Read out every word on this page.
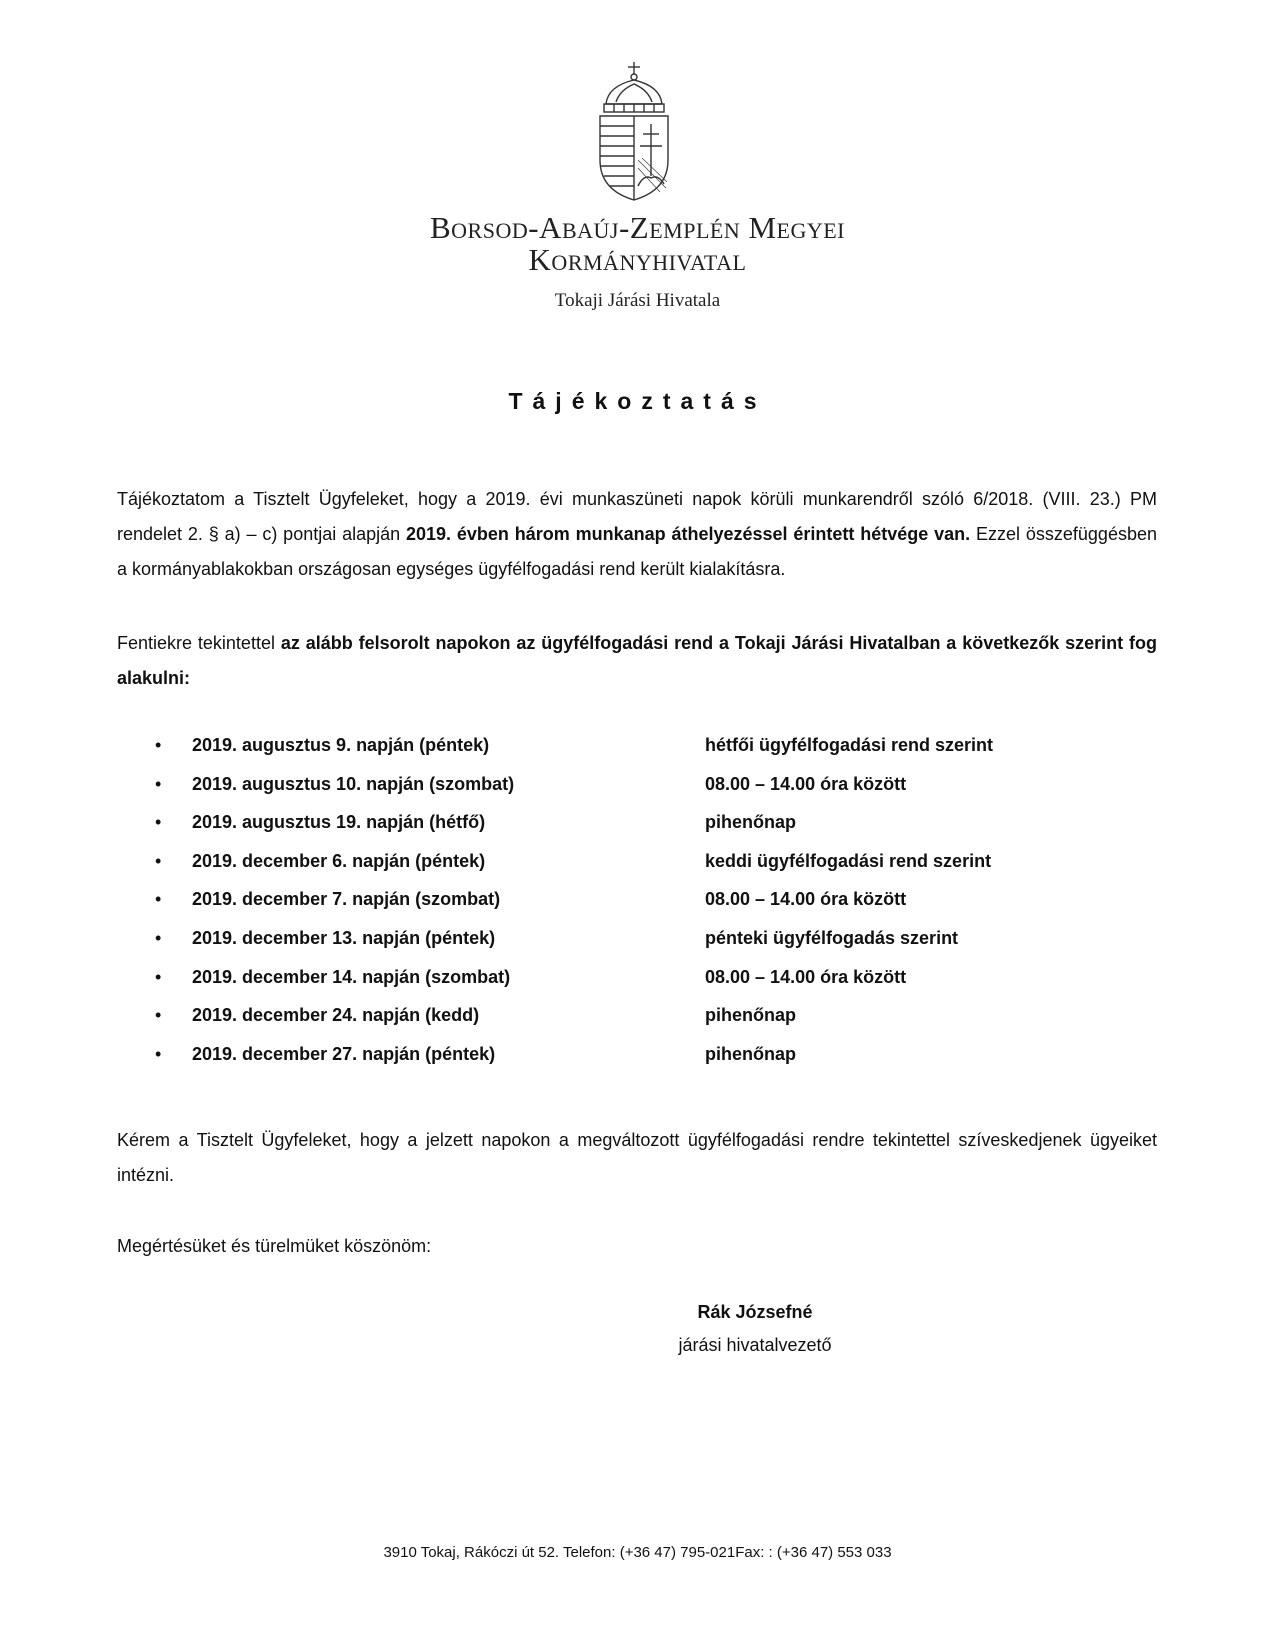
Borsod-Abaúj-Zemplén Megyei
Kormányhivatal
Tokaji Járási Hivatala
Tájékoztatás

Tájékoztatom a Tisztelt Ügyfeleket, hogy a 2019. évi munkaszüneti napok körüli munkarendről szóló 6/2018. (VIII. 23.) PM rendelet 2. § a) – c) pontjai alapján 2019. évben három munkanap áthelyezéssel érintett hétvége van. Ezzel összefüggésben a kormányablakokban országosan egységes ügyfélfogadási rend került kialakításra.

Fentiekre tekintettel az alább felsorolt napokon az ügyfélfogadási rend a Tokaji Járási Hivatalban a következők szerint fog alakulni:

• 2019. augusztus 9. napján (péntek)	hétfői ügyfélfogadási rend szerint
• 2019. augusztus 10. napján (szombat)	08.00 – 14.00 óra között
• 2019. augusztus 19. napján (hétfő)	pihenőnap
• 2019. december 6. napján (péntek)	keddi ügyfélfogadási rend szerint
• 2019. december 7. napján (szombat)	08.00 – 14.00 óra között
• 2019. december 13. napján (péntek)	pénteki ügyfélfogadás szerint
• 2019. december 14. napján (szombat)	08.00 – 14.00 óra között
• 2019. december 24. napján (kedd)	pihenőnap
• 2019. december 27. napján (péntek)	pihenőnap

Kérem a Tisztelt Ügyfeleket, hogy a jelzett napokon a megváltozott ügyfélfogadási rendre tekintettel szíveskedjenek ügyeiket intézni.

Megértésüket és türelmüket köszönöm:

Rák Józsefné
járási hivatalvezető
3910 Tokaj, Rákóczi út 52. Telefon: (+36 47) 795-021Fax: : (+36 47) 553 033
